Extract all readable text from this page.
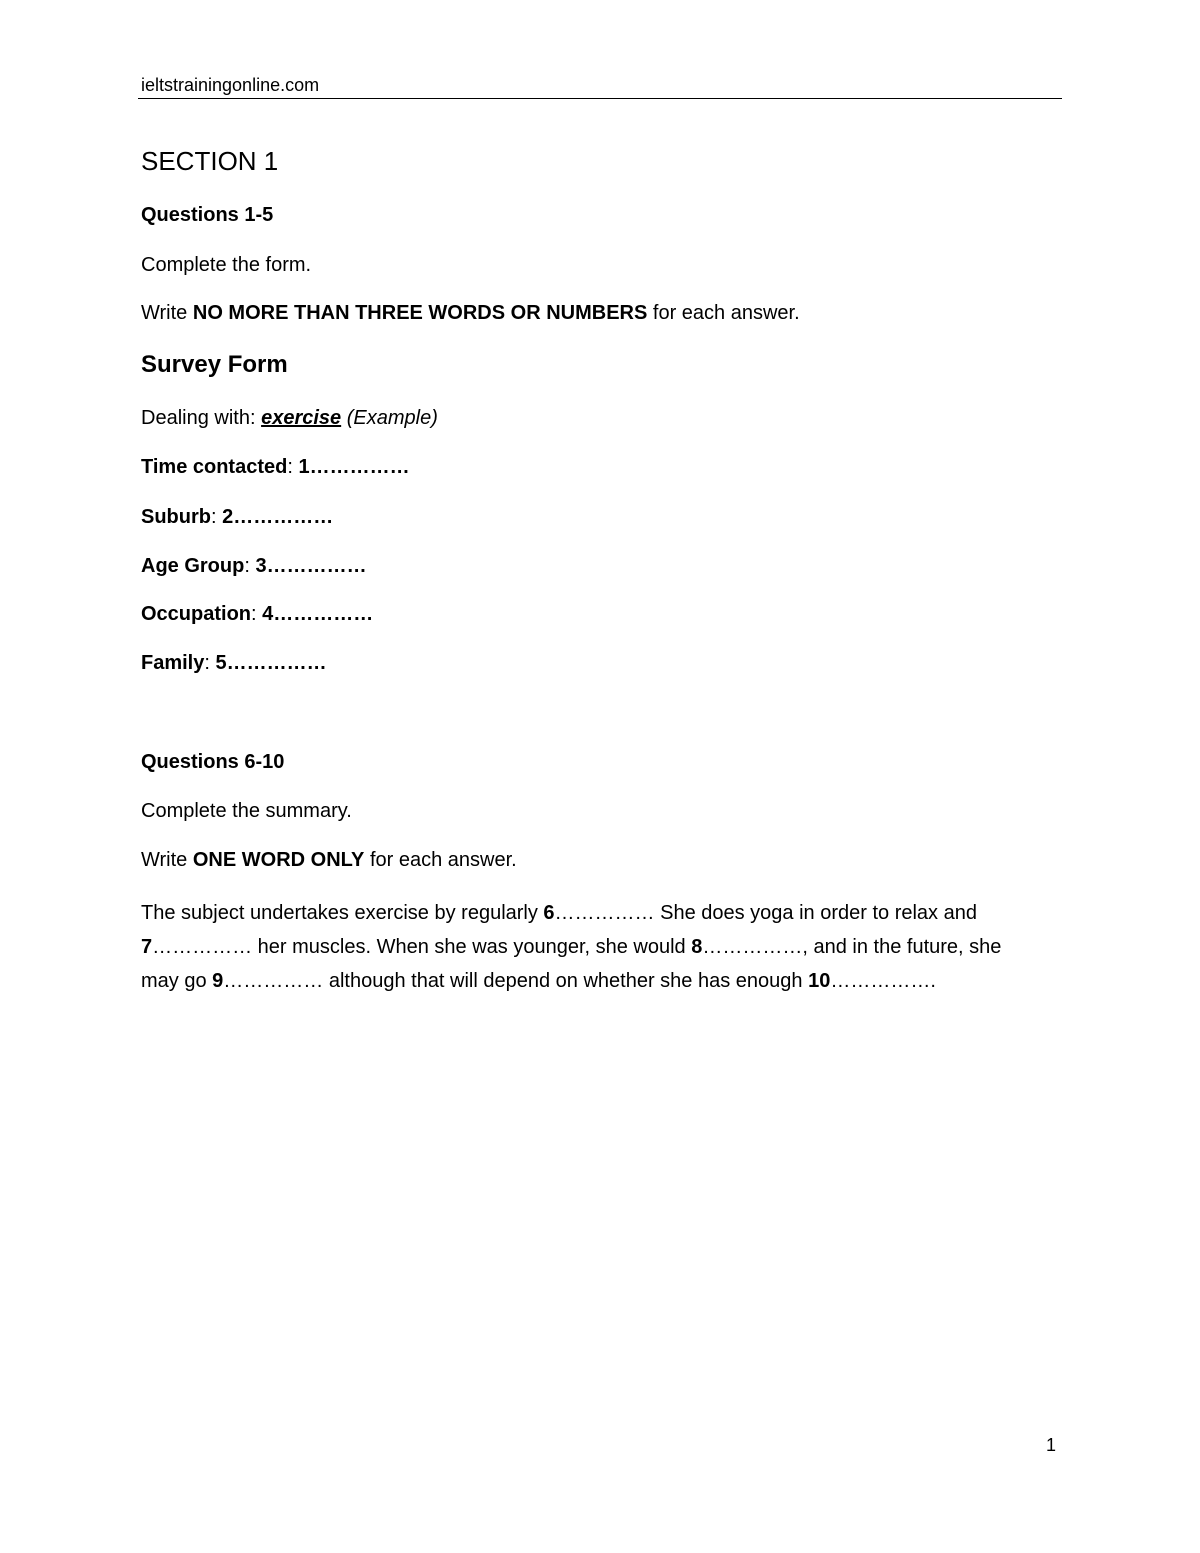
ieltstrainingonline.com
SECTION 1
Questions 1-5
Complete the form.
Write NO MORE THAN THREE WORDS OR NUMBERS for each answer.
Survey Form
Dealing with: exercise (Example)
Time contacted: 1……………
Suburb: 2……………
Age Group: 3……………
Occupation: 4……………
Family: 5……………
Questions 6-10
Complete the summary.
Write ONE WORD ONLY for each answer.
The subject undertakes exercise by regularly 6…………… She does yoga in order to relax and 7…………… her muscles. When she was younger, she would 8……………, and in the future, she may go 9…………… although that will depend on whether she has enough 10…………….
1
